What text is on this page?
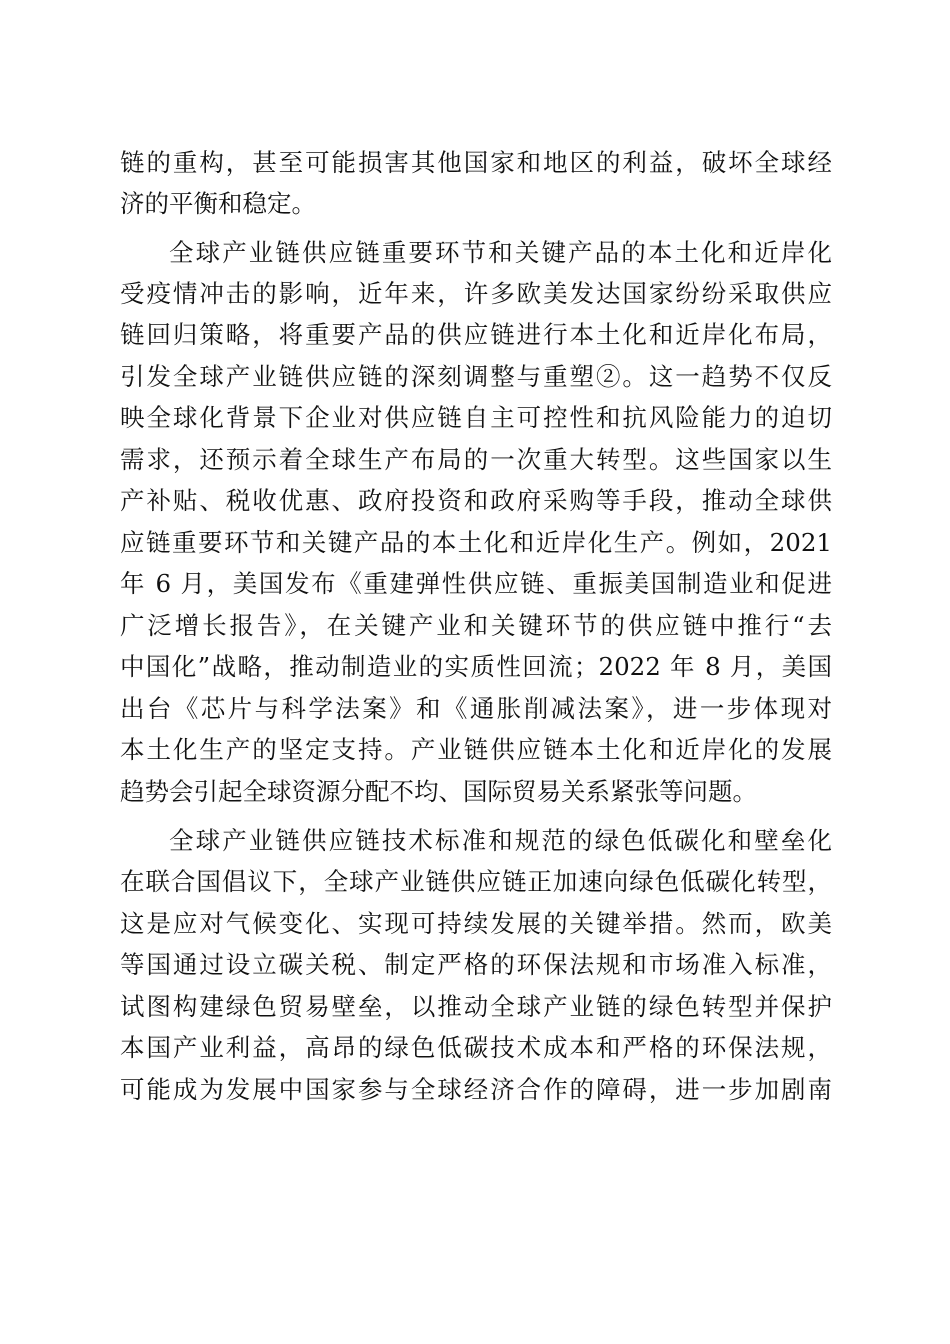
链的重构，甚至可能损害其他国家和地区的利益，破坏全球经
济的平衡和稳定。
全球产业链供应链重要环节和关键产品的本土化和近岸化
受疫情冲击的影响，近年来，许多欧美发达国家纷纷采取供应
链回归策略，将重要产品的供应链进行本土化和近岸化布局，
引发全球产业链供应链的深刻调整与重塑②。这一趋势不仅反
映全球化背景下企业对供应链自主可控性和抗风险能力的迫切
需求，还预示着全球生产布局的一次重大转型。这些国家以生
产补贴、税收优惠、政府投资和政府采购等手段，推动全球供
应链重要环节和关键产品的本土化和近岸化生产。例如，2021
年 6 月，美国发布《重建弹性供应链、重振美国制造业和促进
广泛增长报告》，在关键产业和关键环节的供应链中推行“去
中国化”战略，推动制造业的实质性回流；2022 年 8 月，美国
出台《芯片与科学法案》和《通胀削减法案》，进一步体现对
本土化生产的坚定支持。产业链供应链本土化和近岸化的发展
趋势会引起全球资源分配不均、国际贸易关系紧张等问题。
全球产业链供应链技术标准和规范的绿色低碳化和壁垒化
在联合国倡议下，全球产业链供应链正加速向绿色低碳化转型，
这是应对气候变化、实现可持续发展的关键举措。然而，欧美
等国通过设立碳关税、制定严格的环保法规和市场准入标准，
试图构建绿色贸易壁垒，以推动全球产业链的绿色转型并保护
本国产业利益，高昂的绿色低碳技术成本和严格的环保法规，
可能成为发展中国家参与全球经济合作的障碍，进一步加剧南
